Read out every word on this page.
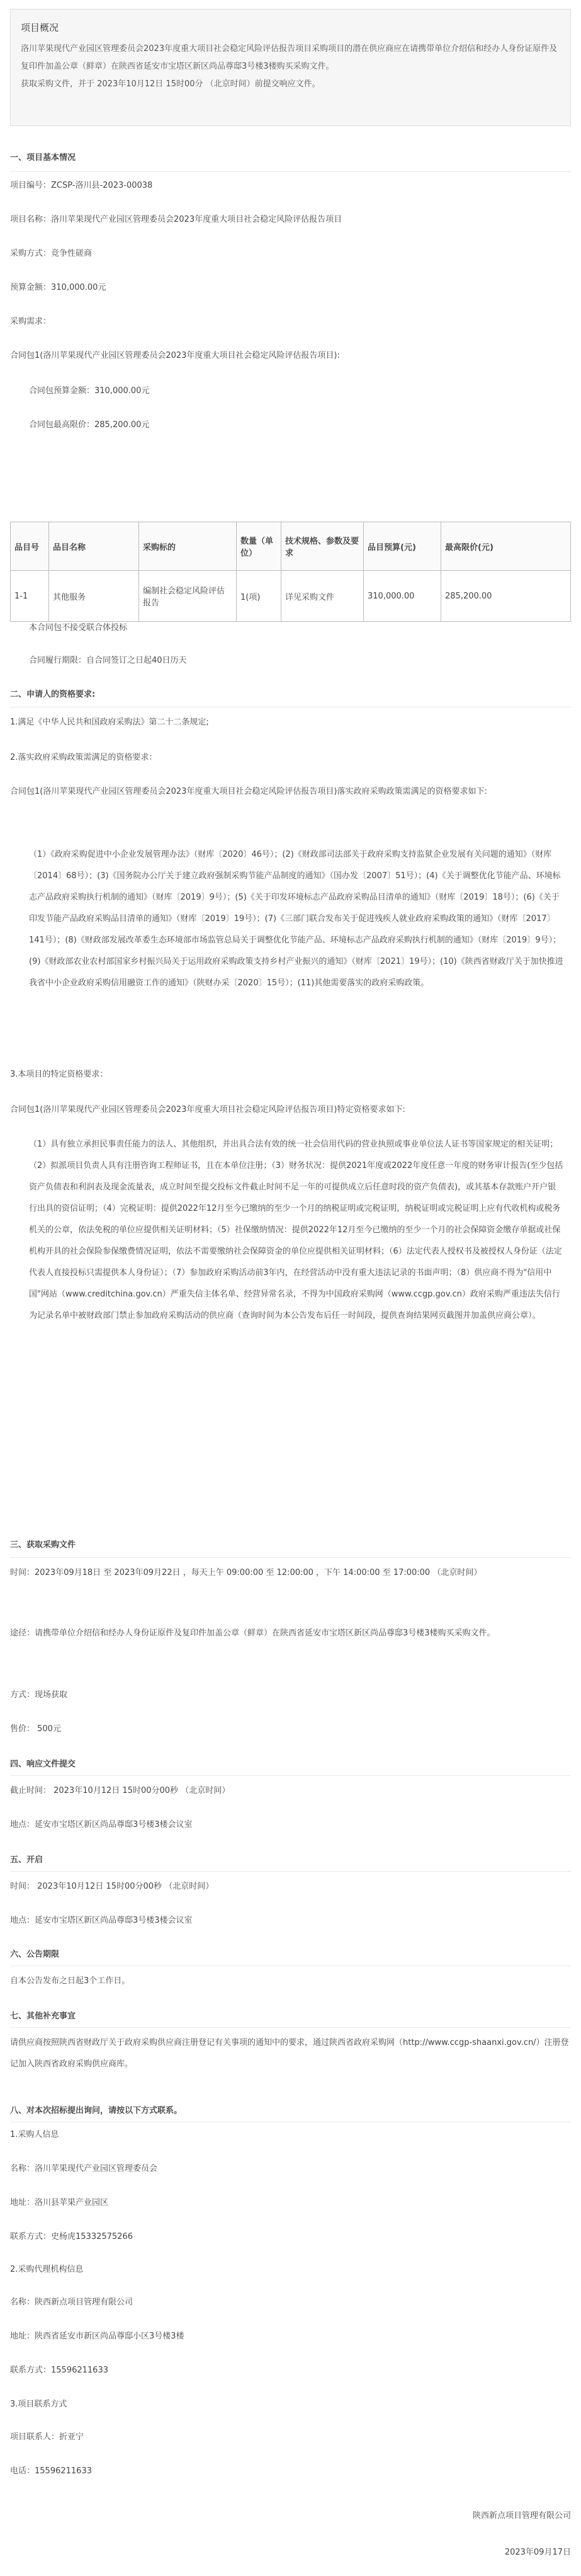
项目概况

洛川苹果现代产业园区管理委员会2023年度重大项目社会稳定风险评估报告项目采购项目的潜在供应商应在请携带单位介绍信和经办人身份证原件及复印件加盖公章（鲜章）在陕西省延安市宝塔区新区尚品尊邸3号楼3楼购买采购文件。

获取采购文件，并于 2023年10月12日 15时00分 （北京时间）前提交响应文件。

一、项目基本情况
项目编号：ZCSP-洛川县-2023-00038
项目名称：洛川苹果现代产业园区管理委员会2023年度重大项目社会稳定风险评估报告项目
采购方式：竞争性磋商
预算金额：310,000.00元
采购需求：
合同包1(洛川苹果现代产业园区管理委员会2023年度重大项目社会稳定风险评估报告项目):
合同包预算金额：310,000.00元
合同包最高限价：285,200.00元
品目号	品目名称	采购标的	数量（单位）	技术规格、参数及要求	品目预算(元)	最高限价(元)
1-1	其他服务	编制社会稳定风险评估报告	1(项)	详见采购文件	310,000.00	285,200.00
本合同包不接受联合体投标
合同履行期限：自合同签订之日起40日历天
二、申请人的资格要求:
1.满足《中华人民共和国政府采购法》第二十二条规定;
2.落实政府采购政策需满足的资格要求：
合同包1(洛川苹果现代产业园区管理委员会2023年度重大项目社会稳定风险评估报告项目)落实政府采购政策需满足的资格要求如下:
（1）《政府采购促进中小企业发展管理办法》（财库〔2020〕46号）；(2)《财政部司法部关于政府采购支持监狱企业发展有关问题的通知》（财库〔2014〕68号）；(3)《国务院办公厅关于建立政府强制采购节能产品制度的通知》（国办发〔2007〕51号）；(4)《关于调整优化节能产品、环境标志产品政府采购执行机制的通知》（财库〔2019〕9号）；(5)《关于印发环境标志产品政府采购品目清单的通知》（财库〔2019〕18号）；(6)《关于印发节能产品政府采购品目清单的通知》（财库〔2019〕19号）；(7)《三部门联合发布关于促进残疾人就业政府采购政策的通知》（财库〔2017〕141号）；(8)《财政部发展改革委生态环境部市场监管总局关于调整优化节能产品、环境标志产品政府采购执行机制的通知》（财库〔2019〕9号）；(9)《财政部农业农村部国家乡村振兴局关于运用政府采购政策支持乡村产业振兴的通知》（财库〔2021〕19号）；(10)《陕西省财政厅关于加快推进我省中小企业政府采购信用融资工作的通知》（陕财办采〔2020〕15号）；(11)其他需要落实的政府采购政策。
3.本项目的特定资格要求：
合同包1(洛川苹果现代产业园区管理委员会2023年度重大项目社会稳定风险评估报告项目)特定资格要求如下:
（1）具有独立承担民事责任能力的法人、其他组织，并出具合法有效的统一社会信用代码的营业执照或事业单位法人证书等国家规定的相关证明；（2）拟派项目负责人具有注册咨询工程师证书，且在本单位注册；（3）财务状况：提供2021年度或2022年度任意一年度的财务审计报告(至少包括资产负债表和利润表及现金流量表，成立时间至提交投标文件截止时间不足一年的可提供成立后任意时段的资产负债表)，或其基本存款账户开户银行出具的资信证明；（4）完税证明：提供2022年12月至今已缴纳的至少一个月的纳税证明或完税证明，纳税证明或完税证明上应有代收机构或税务机关的公章，依法免税的单位应提供相关证明材料；（5）社保缴纳情况：提供2022年12月至今已缴纳的至少一个月的社会保障资金缴存单据或社保机构开具的社会保险参保缴费情况证明，依法不需要缴纳社会保障资金的单位应提供相关证明材料；（6）法定代表人授权书及被授权人身份证（法定代表人直接投标只需提供本人身份证）；（7）参加政府采购活动前3年内，在经营活动中没有重大违法记录的书面声明；（8）供应商不得为"信用中国"网站（www.creditchina.gov.cn）严重失信主体名单、经营异常名录，不得为中国政府采购网（www.ccgp.gov.cn）政府采购严重违法失信行为记录名单中被财政部门禁止参加政府采购活动的供应商（查询时间为本公告发布后任一时间段，提供查询结果网页截图并加盖供应商公章）。
三、获取采购文件
时间：2023年09月18日 至 2023年09月22日 ，每天上午 09:00:00 至 12:00:00 ，下午 14:00:00 至 17:00:00 （北京时间）
途径：请携带单位介绍信和经办人身份证原件及复印件加盖公章（鲜章）在陕西省延安市宝塔区新区尚品尊邸3号楼3楼购买采购文件。
方式：现场获取
售价： 500元
四、响应文件提交
截止时间： 2023年10月12日 15时00分00秒 （北京时间）
地点：延安市宝塔区新区尚品尊邸3号楼3楼会议室
五、开启
时间： 2023年10月12日 15时00分00秒 （北京时间）
地点：延安市宝塔区新区尚品尊邸3号楼3楼会议室
六、公告期限
自本公告发布之日起3个工作日。
七、其他补充事宜
请供应商按照陕西省财政厅关于政府采购供应商注册登记有关事项的通知中的要求，通过陕西省政府采购网（http://www.ccgp-shaanxi.gov.cn/）注册登记加入陕西省政府采购供应商库。
八、对本次招标提出询问，请按以下方式联系。
1.采购人信息
名称：洛川苹果现代产业园区管理委员会
地址：洛川县苹果产业园区
联系方式：史杨虎15332575266
2.采购代理机构信息
名称：陕西新点项目管理有限公司
地址：陕西省延安市新区尚品尊邸小区3号楼3楼
联系方式：15596211633
3.项目联系方式
项目联系人：折亚宁
电话：15596211633
陕西新点项目管理有限公司
2023年09月17日
